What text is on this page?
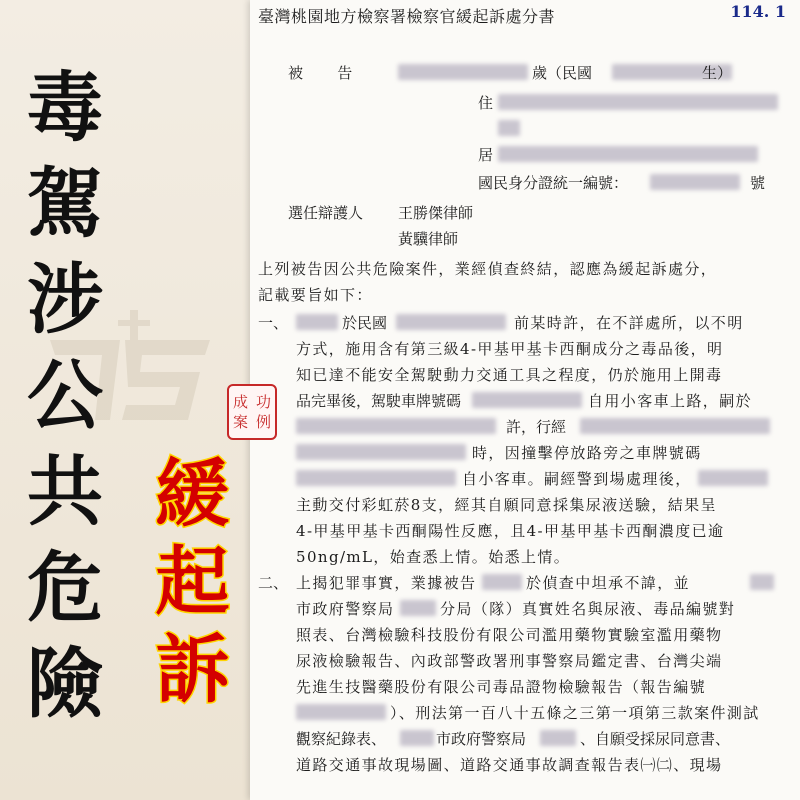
毒
駕
涉
公
共
危
險
緩
起
訴
114. 1
臺灣桃園地方檢察署檢察官緩起訴處分書
被　　告	歲（民國	生）
住
居
國民身分證統一編號：	號
選任辯護人 王勝傑律師
黃驥律師
上列被告因公共危險案件，業經偵查終結，認應為緩起訴處分，
記載要旨如下：
一、	於民國	前某時許，在不詳處所，以不明
方式，施用含有第三級4-甲基甲基卡西酮成分之毒品後，明
知已達不能安全駕駛動力交通工具之程度，仍於施用上開毒
品完畢後，駕駛車牌號碼	自用小客車上路，嗣於
許，行經
時，因撞擊停放路旁之車牌號碼
自小客車。嗣經警到場處理後，
主動交付彩虹菸8支，經其自願同意採集尿液送驗，結果呈
4-甲基甲基卡西酮陽性反應，且4-甲基甲基卡西酮濃度已逾
50ng/mL，始查悉上情。始悉上情。
二、 上揭犯罪事實，業據被告	於偵查中坦承不諱，並
市政府警察局	分局（隊）真實姓名與尿液、毒品編號對
照表、台灣檢驗科技股份有限公司濫用藥物實驗室濫用藥物
尿液檢驗報告、內政部警政署刑事警察局鑑定書、台灣尖端
先進生技醫藥股份有限公司毒品證物檢驗報告（報告編號
）、刑法第一百八十五條之三第一項第三款案件測試
觀察紀錄表、	市政府警察局	、自願受採尿同意書、
道路交通事故現場圖、道路交通事故調查報告表㈠㈡、現場
成 功
案 例
